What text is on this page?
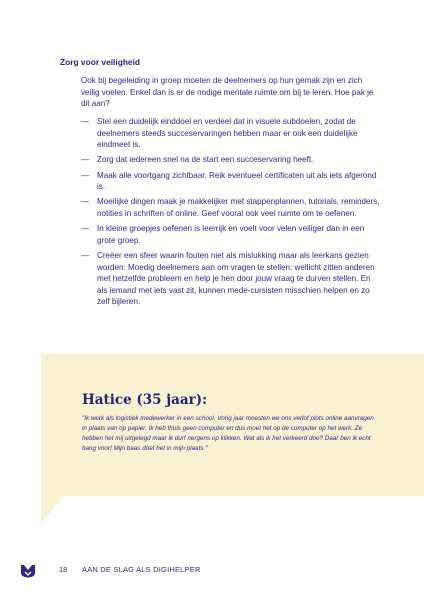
Zorg voor veiligheid
Ook bij begeleiding in groep moeten de deelnemers op hun gemak zijn en zich veilig voelen. Enkel dan is er de nodige mentale ruimte om bij te leren. Hoe pak je dit aan?
— Stel een duidelijk einddoel en verdeel dat in visuele subdoelen, zodat de deelnemers steeds succeservaringen hebben maar er ook een duidelijke eindmeet is.
— Zorg dat iedereen snel na de start een succeservaring heeft.
— Maak alle voortgang zichtbaar. Reik eventueel certificaten uit als iets afgerond is.
— Moeilijke dingen maak je makkelijker met stappenplannen, tutorials, reminders, notities in schriften of online. Geef vooral ook veel ruimte om te oefenen.
— In kleine groepjes oefenen is leerrijk en voelt voor velen veiliger dan in een grote groep.
— Creëer een sfeer waarin fouten niet als mislukking maar als leerkans gezien worden. Moedig deelnemers aan om vragen te stellen: wellicht zitten anderen met hetzelfde probleem en help je hen door jouw vraag te durven stellen. En als iemand met iets vast zit, kunnen mede-cursisten misschien helpen en zo zelf bijleren.
Hatice (35 jaar):
"Ik werk als logistiek medewerker in een school. Vorig jaar moesten we ons verlof plots online aanvragen in plaats van op papier. Ik heb thuis geen computer en dus moet het op de computer op het werk. Ze hebben het mij uitgelegd maar ik durf nergens op klikken. Wat als ik het verkeerd doe? Daar ben ik echt bang voor! Mijn baas doet het in mijn plaats."
18 AAN DE SLAG ALS DIGIHELPER
